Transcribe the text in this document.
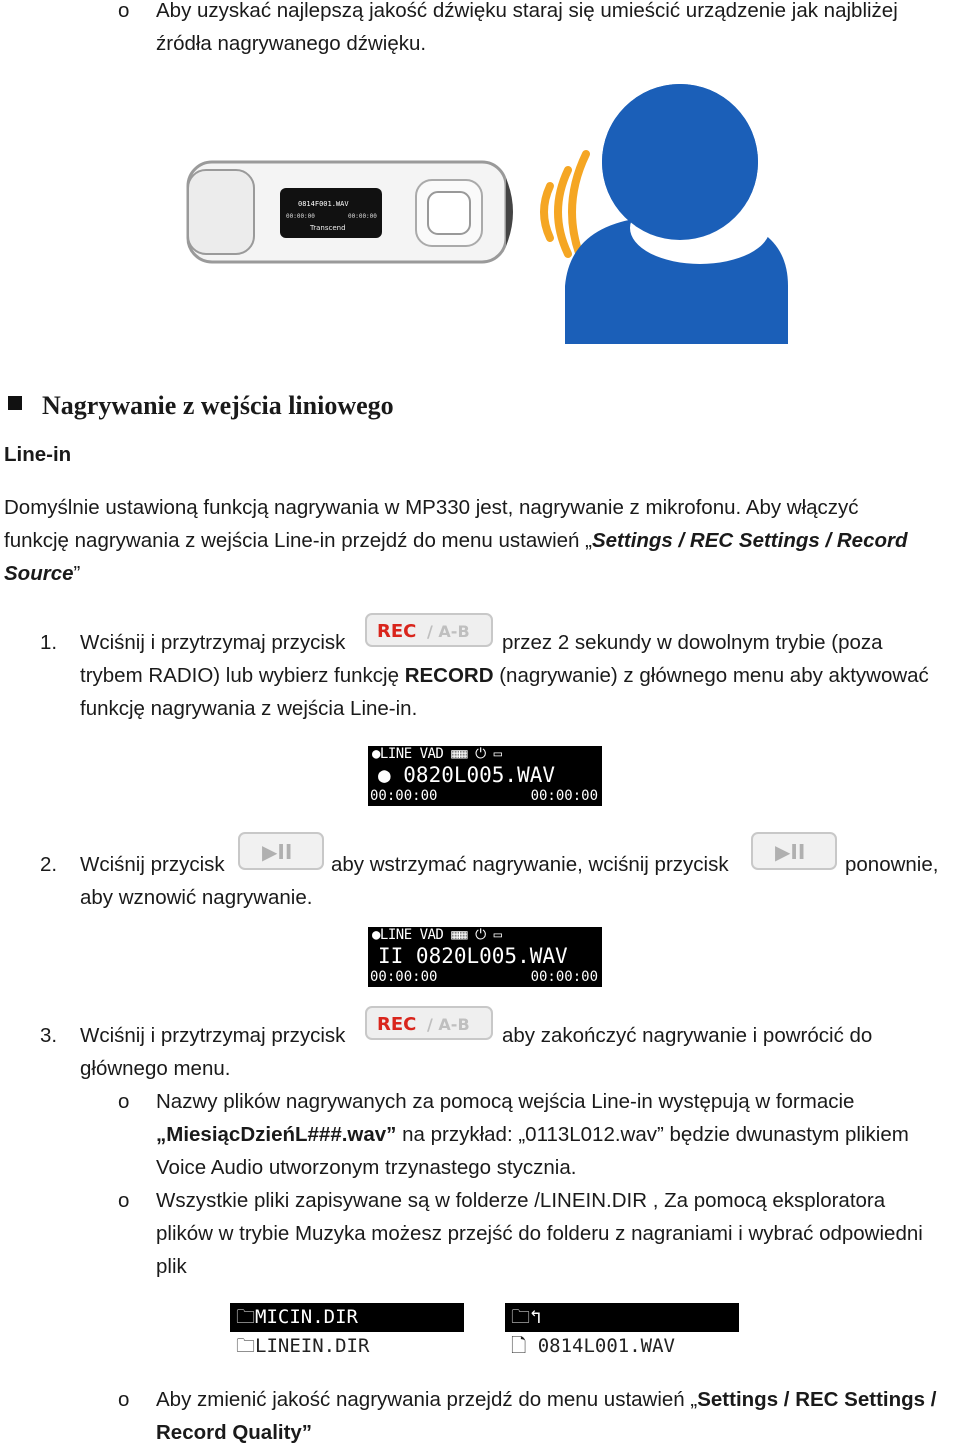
o Aby uzyskać najlepszą jakość dźwięku staraj się umieścić urządzenie jak najbliżej
źródła nagrywanego dźwięku.
0814F001.WAV
00:00:00	00:00:00
Transcend
Nagrywanie z wejścia liniowego
Line-in
Domyślnie ustawioną funkcją nagrywania w MP330 jest, nagrywanie z mikrofonu. Aby włączyć
funkcję nagrywania z wejścia Line-in przejdź do menu ustawień „Settings / REC Settings / Record
Source”
1. Wciśnij i przytrzymaj przycisk REC / A-B przez 2 sekundy w dowolnym trybie (poza
trybem RADIO) lub wybierz funkcję RECORD (nagrywanie) z głównego menu aby aktywować
funkcję nagrywania z wejścia Line-in.
●LINE VAD ▦▦ ⏻ ▭
● 0820L005.WAV
00:00:00	00:00:00
2. Wciśnij przycisk
▶II
aby wstrzymać nagrywanie, wciśnij przycisk
▶II
ponownie,
aby wznowić nagrywanie.
●LINE VAD ▦▦ ⏻ ▭
II 0820L005.WAV
00:00:00	00:00:00
3. Wciśnij i przytrzymaj przycisk REC / A-B aby zakończyć nagrywanie i powrócić do
głównego menu.
o Nazwy plików nagrywanych za pomocą wejścia Line-in występują w formacie
„MiesiącDzieńL###.wav” na przykład: „0113L012.wav” będzie dwunastym plikiem
Voice Audio utworzonym trzynastego stycznia.
o Wszystkie pliki zapisywane są w folderze /LINEIN.DIR , Za pomocą eksploratora
plików w trybie Muzyka możesz przejść do folderu z nagraniami i wybrać odpowiedni
plik
🗀MICIN.DIR
🗀LINEIN.DIR
🗀↰
🗋 0814L001.WAV
o Aby zmienić jakość nagrywania przejdź do menu ustawień „Settings / REC Settings /
Record Quality”
